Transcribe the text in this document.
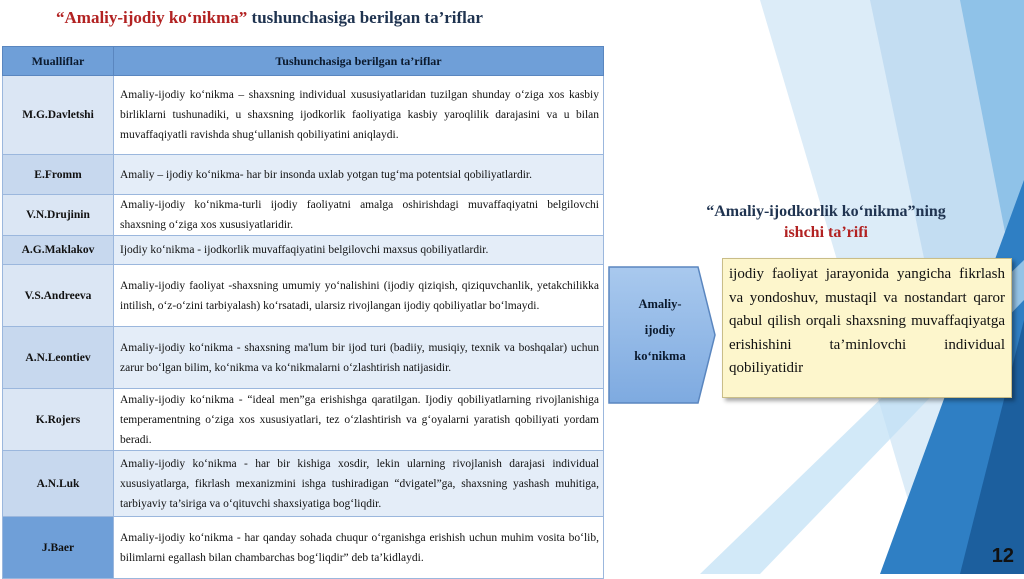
“Amaliy-ijodiy ko‘nikma” tushunchasiga berilgan ta’riflar
Mualliflar	Tushunchasiga berilgan ta’riflar
M.G.Davletshi	Amaliy-ijodiy ko‘nikma – shaxsning individual xususiyatlaridan tuzilgan shunday o‘ziga xos kasbiy birliklarni tushunadiki, u shaxsning ijodkorlik faoliyatiga kasbiy yaroqlilik darajasini va u bilan muvaffaqiyatli ravishda shug‘ullanish qobiliyatini aniqlaydi.
E.Fromm	Amaliy – ijodiy ko‘nikma- har bir insonda uxlab yotgan tug‘ma potentsial qobiliyatlardir.
V.N.Drujinin	Amaliy-ijodiy ko‘nikma-turli ijodiy faoliyatni amalga oshirishdagi muvaffaqiyatni belgilovchi shaxsning o‘ziga xos xususiyatlaridir.
A.G.Maklakov	Ijodiy ko‘nikma - ijodkorlik muvaffaqiyatini belgilovchi maxsus qobiliyatlardir.
V.S.Andreeva	Amaliy-ijodiy faoliyat -shaxsning umumiy yo‘nalishini (ijodiy qiziqish, qiziquvchanlik, yetakchilikka intilish, o‘z-o‘zini tarbiyalash) ko‘rsatadi, ularsiz rivojlangan ijodiy qobiliyatlar bo‘lmaydi.
A.N.Leontiev	Amaliy-ijodiy ko‘nikma - shaxsning ma'lum bir ijod turi (badiiy, musiqiy, texnik va boshqalar) uchun zarur bo‘lgan bilim, ko‘nikma va ko‘nikmalarni o‘zlashtirish natijasidir.
K.Rojers	Amaliy-ijodiy ko‘nikma - “ideal men”ga erishishga qaratilgan. Ijodiy qobiliyatlarning rivojlanishiga temperamentning o‘ziga xos xususiyatlari, tez o‘zlashtirish va g‘oyalarni yaratish qobiliyati yordam beradi.
A.N.Luk	Amaliy-ijodiy ko‘nikma - har bir kishiga xosdir, lekin ularning rivojlanish darajasi individual xususiyatlarga, fikrlash mexanizmini ishga tushiradigan “dvigatel”ga, shaxsning yashash muhitiga, tarbiyaviy ta’siriga va o‘qituvchi shaxsiyatiga bog‘liqdir.
J.Baer	Amaliy-ijodiy ko‘nikma - har qanday sohada chuqur o‘rganishga erishish uchun muhim vosita bo‘lib, bilimlarni egallash bilan chambarchas bog‘liqdir” deb ta’kidlaydi.
“Amaliy-ijodkorlik ko‘nikma”ning
ishchi ta’rifi
Amaliy-
ijodiy
ko‘nikma
ijodiy faoliyat jarayonida yangicha fikrlash va yondoshuv, mustaqil va nostandart qaror qabul qilish orqali shaxsning muvaffaqiyatga erishishini ta’minlovchi individual qobiliyatidir
12
